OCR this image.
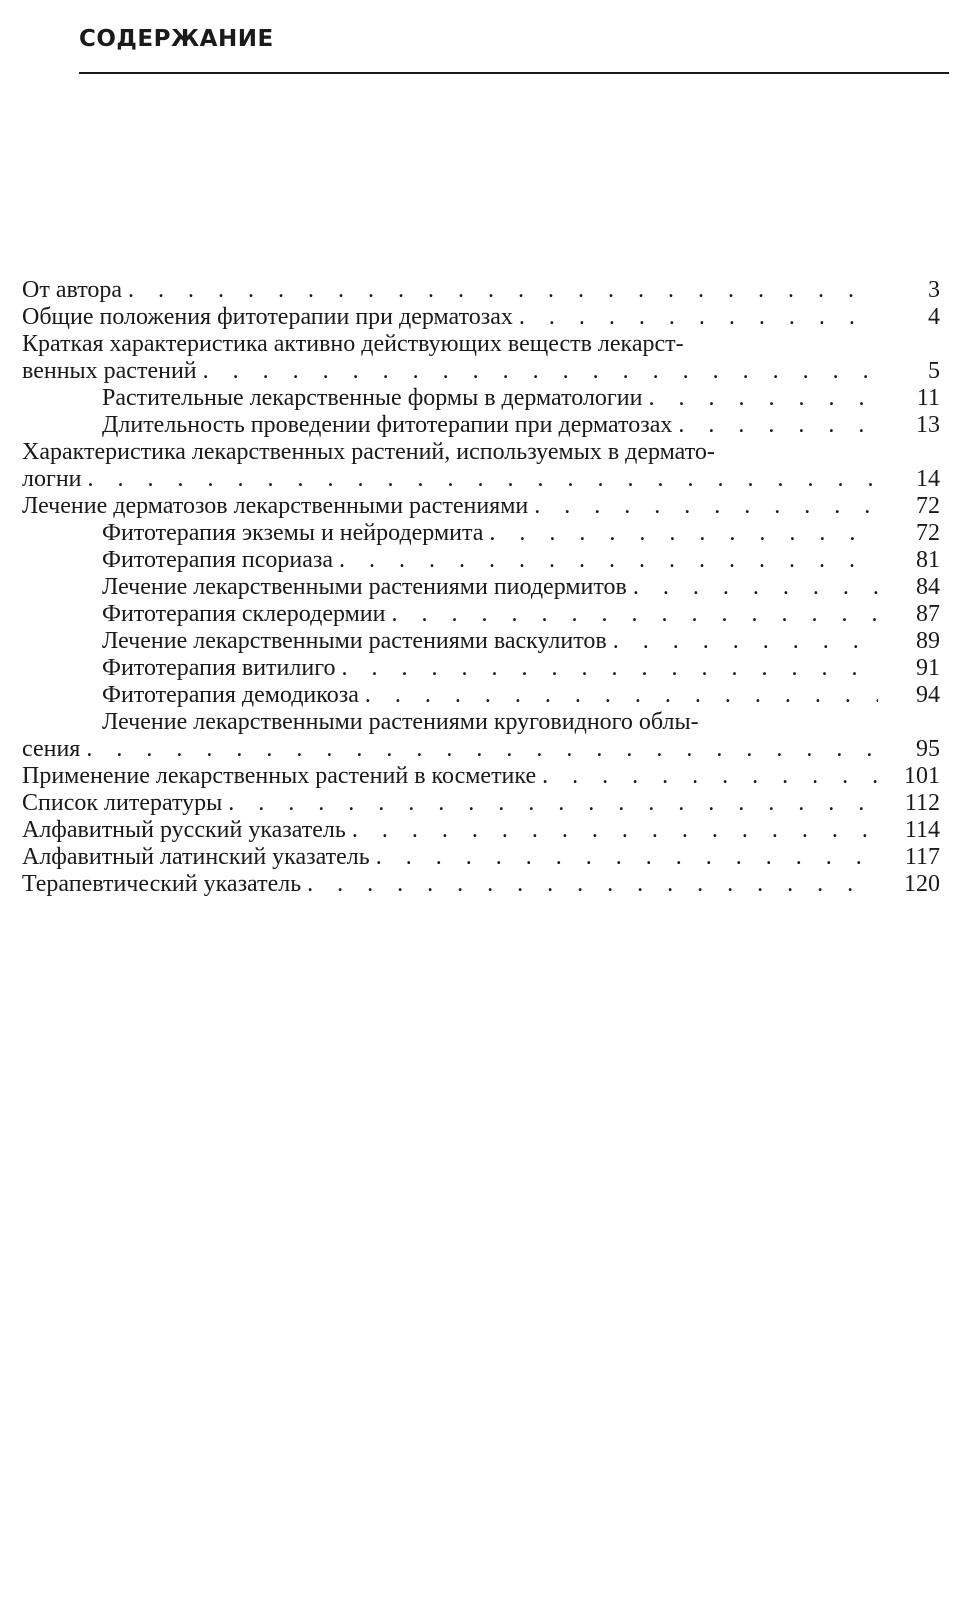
СОДЕРЖАНИЕ
От автора .	3
Общие положения фитотерапии при дерматозах .	4
Краткая характеристика активно действующих веществ лекарст-
венных растений .	5
Растительные лекарственные формы в дерматологии .	11
Длительность проведении фитотерапии при дерматозах .	13
Характеристика лекарственных растений, используемых в дермато-
логни .	14
Лечение дерматозов лекарственными растениями .	72
Фитотерапия экземы и нейродермита .	72
Фитотерапия псориаза .	81
Лечение лекарственными растениями пиодермитов .	84
Фитотерапия склеродермии .	87
Лечение лекарственными растениями васкулитов .	89
Фитотерапия витилиго .	91
Фитотерапия демодикоза .	94
Лечение лекарственными растениями круговидного облы-
сения .	95
Применение лекарственных растений в косметике .	101
Список литературы .	112
Алфавитный русский указатель .	114
Алфавитный латинский указатель .	117
Терапевтический указатель .	120
